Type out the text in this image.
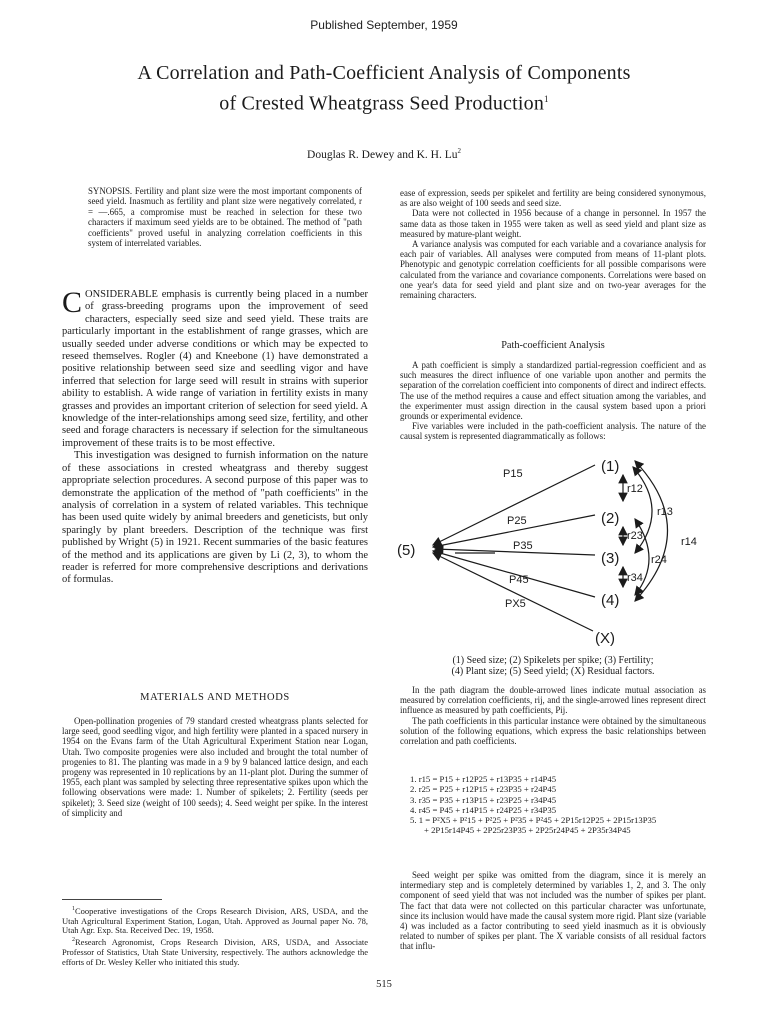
Published September, 1959
A Correlation and Path-Coefficient Analysis of Components
of Crested Wheatgrass Seed Production$^1$
Douglas R. Dewey and K. H. Lu$^2$
SYNOPSIS. Fertility and plant size were the most important components of seed yield. Inasmuch as fertility and plant size were negatively correlated, r = —.665, a compromise must be reached in selection for these two characters if maximum seed yields are to be obtained. The method of "path coefficients" proved useful in analyzing correlation coefficients in this system of interrelated variables.

CONSIDERABLE emphasis is currently being placed in a number of grass-breeding programs upon the improvement of seed characters, especially seed size and seed yield. These traits are particularly important in the establishment of range grasses, which are usually seeded under adverse conditions or which may be expected to reseed themselves. Rogler (4) and Kneebone (1) have demonstrated a positive relationship between seed size and seedling vigor and have inferred that selection for large seed will result in strains with superior ability to establish. A wide range of variation in fertility exists in many grasses and provides an important criterion of selection for seed yield. A knowledge of the inter-relationships among seed size, fertility, and other seed and forage characters is necessary if selection for the simultaneous improvement of these traits is to be most effective.

This investigation was designed to furnish information on the nature of these associations in crested wheatgrass and thereby suggest appropriate selection procedures. A second purpose of this paper was to demonstrate the application of the method of "path coefficients" in the analysis of correlation in a system of related variables. This technique has been used quite widely by animal breeders and geneticists, but only sparingly by plant breeders. Description of the technique was first published by Wright (5) in 1921. Recent summaries of the basic features of the method and its applications are given by Li (2, 3), to whom the reader is referred for more comprehensive descriptions and derivations of formulas.

MATERIALS AND METHODS

Open-pollination progenies of 79 standard crested wheatgrass plants selected for large seed, good seedling vigor, and high fertility were planted in a spaced nursery in 1954 on the Evans farm of the Utah Agricultural Experiment Station near Logan, Utah. Two composite progenies were also included and brought the total number of progenies to 81. The planting was made in a 9 by 9 balanced lattice design, and each progeny was represented in 10 replications by an 11-plant plot. During the summer of 1955, each plant was sampled by selecting three representative spikes upon which the following observations were made: 1. Number of spikelets; 2. Fertility (seeds per spikelet); 3. Seed size (weight of 100 seeds); 4. Seed weight per spike. In the interest of simplicity and

$^1$Cooperative investigations of the Crops Research Division, ARS, USDA, and the Utah Agricultural Experiment Station, Logan, Utah. Approved as Journal paper No. 78, Utah Agr. Exp. Sta. Received Dec. 19, 1958.

$^2$Research Agronomist, Crops Research Division, ARS, USDA, and Associate Professor of Statistics, Utah State University, respectively. The authors acknowledge the efforts of Dr. Wesley Keller who initiated this study.

ease of expression, seeds per spikelet and fertility are being considered synonymous, as are also weight of 100 seeds and seed size.

Data were not collected in 1956 because of a change in personnel. In 1957 the same data as those taken in 1955 were taken as well as seed yield and plant size as measured by mature-plant weight.

A variance analysis was computed for each variable and a covariance analysis for each pair of variables. All analyses were computed from means of 11-plant plots. Phenotypic and genotypic correlation coefficients for all possible comparisons were calculated from the variance and covariance components. Correlations were based on one year's data for seed yield and plant size and on two-year averages for the remaining characters.

Path-coefficient Analysis

A path coefficient is simply a standardized partial-regression coefficient and as such measures the direct influence of one variable upon another and permits the separation of the correlation coefficient into components of direct and indirect effects. The use of the method requires a cause and effect situation among the variables, and the experimenter must assign direction in the causal system based upon a priori grounds or experimental evidence.

Five variables were included in the path-coefficient analysis. The nature of the causal system is represented diagrammatically as follows:

(1)
(2)
(3)
(4)
(5)
(X)
P15
P25
P35
P45
PX5
r12
r23
r34
r13
r24
r14
(1) Seed size; (2) Spikelets per spike; (3) Fertility;
(4) Plant size; (5) Seed yield; (X) Residual factors.

In the path diagram the double-arrowed lines indicate mutual association as measured by correlation coefficients, rij, and the single-arrowed lines represent direct influence as measured by path coefficients, Pij.

The path coefficients in this particular instance were obtained by the simultaneous solution of the following equations, which express the basic relationships between correlation and path coefficients.

1. r15 = P15 + r12P25 + r13P35 + r14P45
2. r25 = P25 + r12P15 + r23P35 + r24P45
3. r35 = P35 + r13P15 + r23P25 + r34P45
4. r45 = P45 + r14P15 + r24P25 + r34P35
5. 1 = P²X5 + P²15 + P²25 + P²35 + P²45 + 2P15r12P25 + 2P15r13P35
+ 2P15r14P45 + 2P25r23P35 + 2P25r24P45 + 2P35r34P45

Seed weight per spike was omitted from the diagram, since it is merely an intermediary step and is completely determined by variables 1, 2, and 3. The only component of seed yield that was not included was the number of spikes per plant. The fact that data were not collected on this particular character was unfortunate, since its inclusion would have made the causal system more rigid. Plant size (variable 4) was included as a factor contributing to seed yield inasmuch as it is obviously related to number of spikes per plant. The X variable consists of all residual factors that influ-

515
